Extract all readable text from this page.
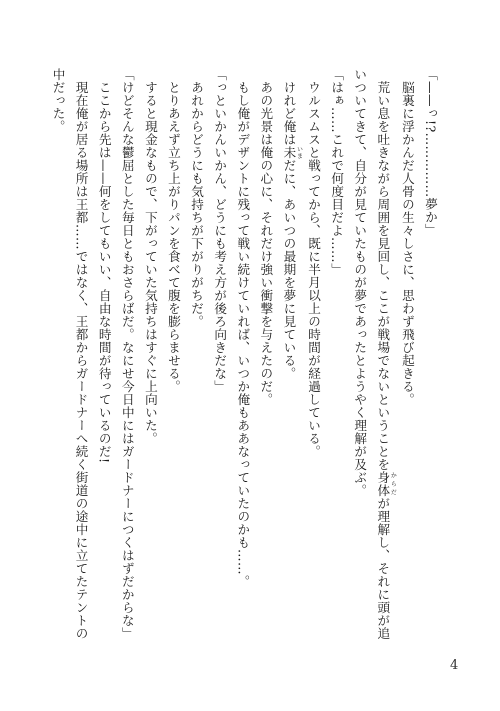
「——っ!?……………夢か」
脳裏に浮かんだ人骨の生々しさに、思わず飛び起きる。
荒い息を吐きながら周囲を見回し、ここが戦場でないということを身体 からだが理解し、それに頭が追
いついてきて、自分が見ていたものが夢であったとようやく理解が及ぶ。
「はぁ……これで何度目だよ……」
ウルスムスと戦ってから、既に半月以上の時間が経過している。
けれど俺は未 いまだに、あいつの最期を夢に見ている。
あの光景は俺の心に、それだけ強い衝撃を与えたのだ。
もし俺がデザントに残って戦い続けていれば、いつか俺もああなっていたのかも……。
「っといかんいかん、どうにも考え方が後ろ向きだな」
あれからどうにも気持ちが下がりがちだ。
とりあえず立ち上がりパンを食べて腹を膨らませる。
すると現金なもので、下がっていた気持ちはすぐに上向いた。
「けどそんな鬱屈とした毎日ともおさらばだ。なにせ今日中にはガードナーにつくはずだからな」
ここから先は——何をしてもいい、自由な時間が待っているのだ!
現在俺が居る場所は王都……ではなく、王都からガードナーへ続く街道の途中に立てたテントの
中だった。
4
